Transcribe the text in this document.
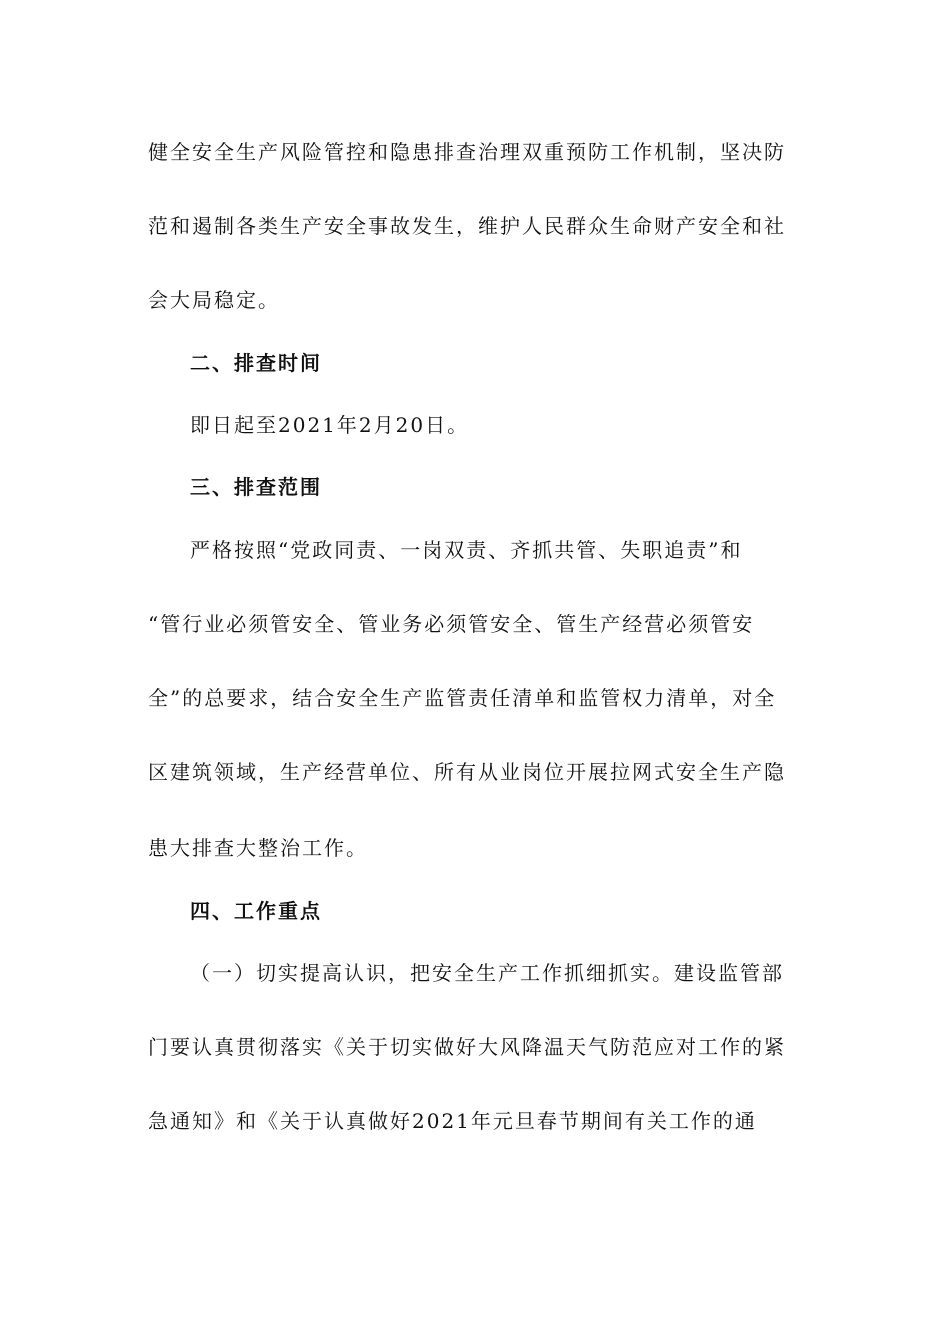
健全安全生产风险管控和隐患排查治理双重预防工作机制，坚决防
范和遏制各类生产安全事故发生，维护人民群众生命财产安全和社
会大局稳定。
二、排查时间
即日起至2021年2月20日。
三、排查范围
严格按照“党政同责、一岗双责、齐抓共管、失职追责”和
“管行业必须管安全、管业务必须管安全、管生产经营必须管安
全”的总要求，结合安全生产监管责任清单和监管权力清单，对全
区建筑领域，生产经营单位、所有从业岗位开展拉网式安全生产隐
患大排查大整治工作。
四、工作重点
（一）切实提高认识，把安全生产工作抓细抓实。建设监管部
门要认真贯彻落实《关于切实做好大风降温天气防范应对工作的紧
急通知》和《关于认真做好2021年元旦春节期间有关工作的通
